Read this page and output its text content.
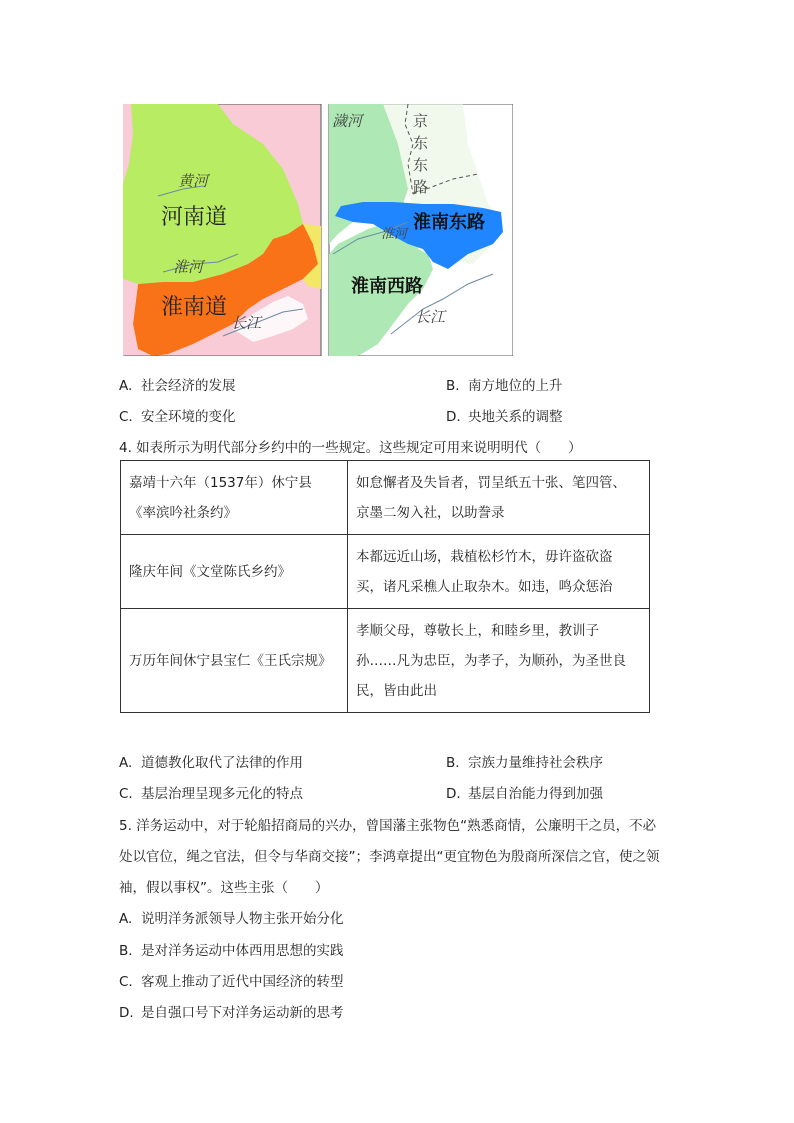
黄河
河南道
淮河
淮南道
长江
濊河	京
东
东
路
淮南东路
淮河
淮南西路
长江
A. 社会经济的发展	B. 南方地位的上升
C. 安全环境的变化	D. 央地关系的调整
4. 如表所示为明代部分乡约中的一些规定。这些规定可用来说明明代（　　）
嘉靖十六年（1537年）休宁县
《率滨吟社条约》	如怠懈者及失旨者，罚呈纸五十张、笔四管、
京墨二匆入社，以助誊录

隆庆年间《文堂陈氏乡约》	本都远近山场，栽植松杉竹木，毋许盗砍盗
买，诸凡采樵人止取杂木。如违，鸣众惩治

万历年间休宁县宝仁《王氏宗规》	孝顺父母，尊敬长上，和睦乡里，教训子
孙……凡为忠臣，为孝子，为顺孙，为圣世良
民，皆由此出
A. 道德教化取代了法律的作用	B. 宗族力量维持社会秩序
C. 基层治理呈现多元化的特点	D. 基层自治能力得到加强
5. 洋务运动中，对于轮船招商局的兴办，曾国藩主张物色“熟悉商情，公廉明干之员，不必
处以官位，绳之官法，但令与华商交接”；李鸿章提出“更宜物色为殷商所深信之官，使之领
袖，假以事权”。这些主张（　　）
A. 说明洋务派领导人物主张开始分化
B. 是对洋务运动中体西用思想的实践
C. 客观上推动了近代中国经济的转型
D. 是自强口号下对洋务运动新的思考
